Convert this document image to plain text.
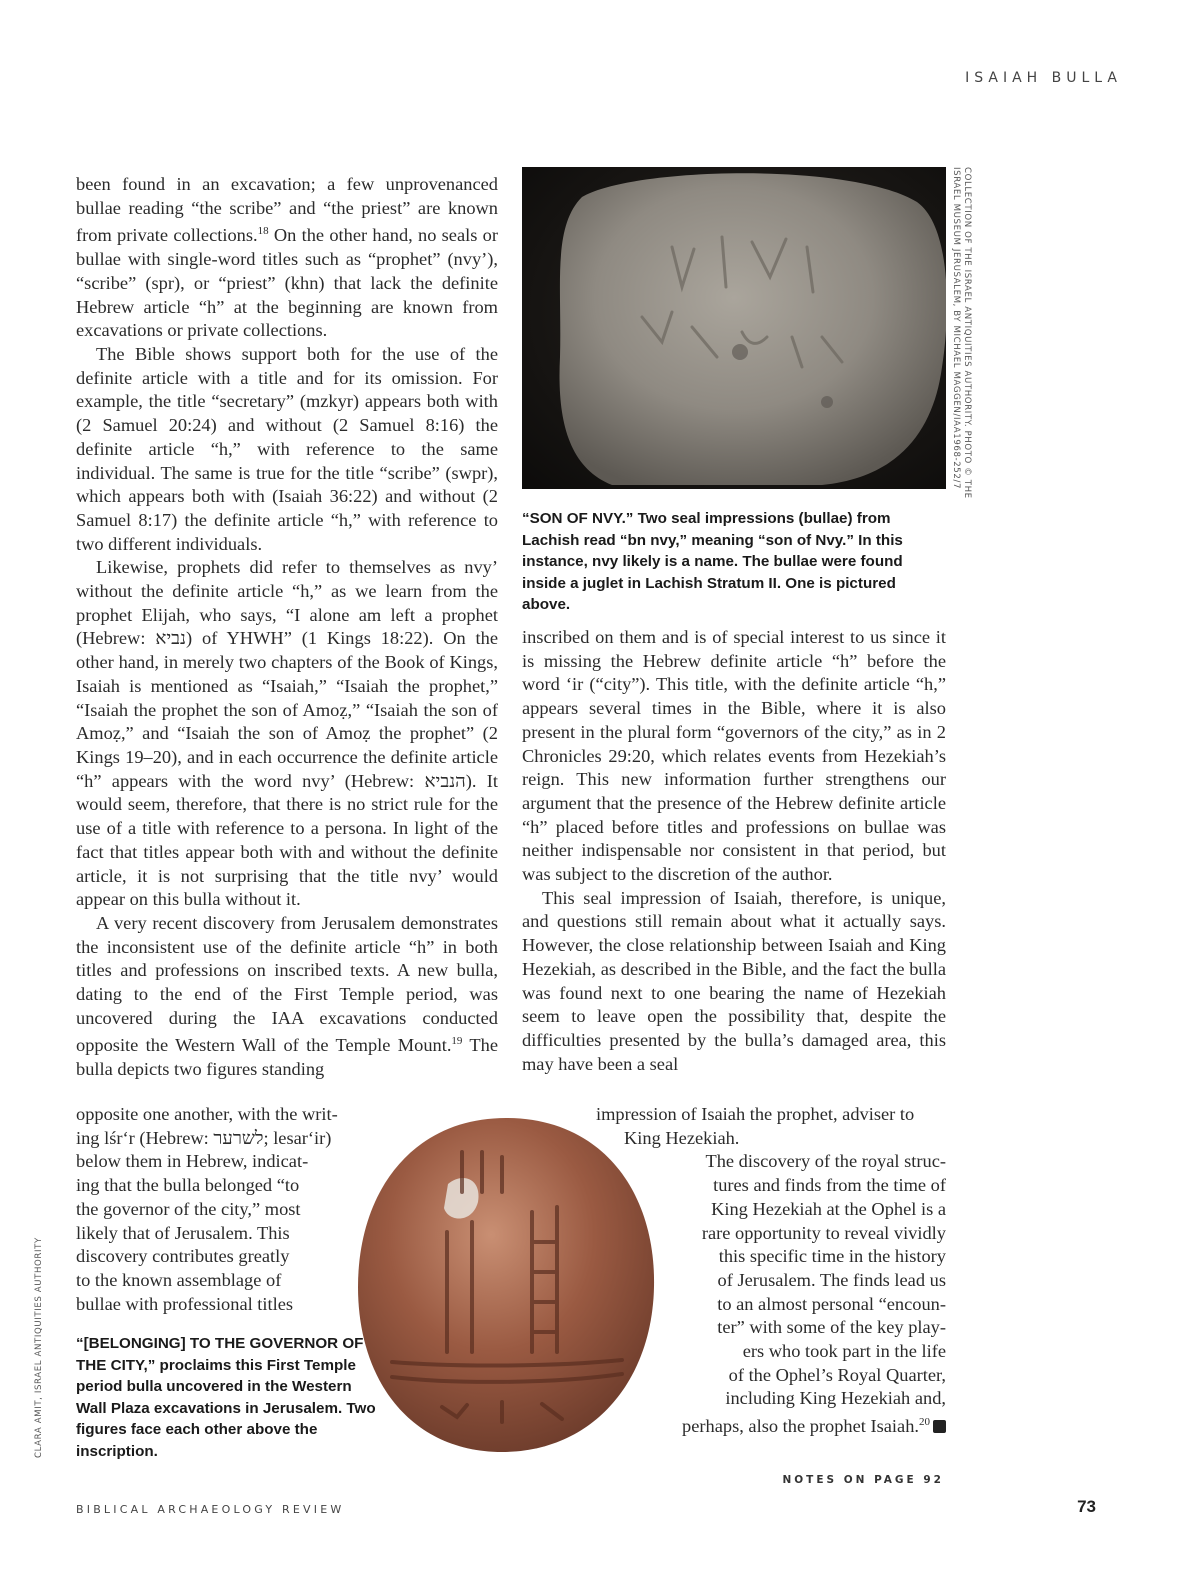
ISAIAH BULLA

been found in an excavation; a few unprovenanced bullae reading “the scribe” and “the priest” are known from private collections.$^{18}$ On the other hand, no seals or bullae with single-word titles such as “prophet” (nvy’), “scribe” (spr), or “priest” (khn) that lack the definite Hebrew article “h” at the beginning are known from excavations or private collections.

The Bible shows support both for the use of the definite article with a title and for its omission. For example, the title “secretary” (mzkyr) appears both with (2 Samuel 20:24) and without (2 Samuel 8:16) the definite article “h,” with reference to the same individual. The same is true for the title “scribe” (swpr), which appears both with (Isaiah 36:22) and without (2 Samuel 8:17) the definite article “h,” with reference to two different individuals.

Likewise, prophets did refer to themselves as nvy’ without the definite article “h,” as we learn from the prophet Elijah, who says, “I alone am left a prophet (Hebrew: נביא) of YHWH” (1 Kings 18:22). On the other hand, in merely two chapters of the Book of Kings, Isaiah is mentioned as “Isaiah,” “Isaiah the prophet,” “Isaiah the prophet the son of Amoẓ,” “Isaiah the son of Amoẓ,” and “Isaiah the son of Amoẓ the prophet” (2 Kings 19–20), and in each occurrence the definite article “h” appears with the word nvy’ (Hebrew: הנביא). It would seem, therefore, that there is no strict rule for the use of a title with reference to a persona. In light of the fact that titles appear both with and without the definite article, it is not surprising that the title nvy’ would appear on this bulla without it.

A very recent discovery from Jerusalem demonstrates the inconsistent use of the definite article “h” in both titles and professions on inscribed texts. A new bulla, dating to the end of the First Temple period, was uncovered during the IAA excavations conducted opposite the Western Wall of the Temple Mount.$^{19}$ The bulla depicts two figures standing

opposite one another, with the writ-
ing lśr‘r (Hebrew: לשרער; lesar‘ir)
below them in Hebrew, indicat-
ing that the bulla belonged “to
the governor of the city,” most
likely that of Jerusalem. This
discovery contributes greatly
to the known assemblage of
bullae with professional titles
COLLECTION OF THE ISRAEL ANTIQUITIES AUTHORITY. PHOTO © THE
ISRAEL MUSEUM JERUSALEM, BY MICHAEL MAGGEN/IAA1968-252/7
“SON OF NVY.” Two seal impressions (bullae) from Lachish read “bn nvy,” meaning “son of Nvy.” In this instance, nvy likely is a name. The bullae were found inside a juglet in Lachish Stratum II. One is pictured above.

inscribed on them and is of special interest to us since it is missing the Hebrew definite article “h” before the word ‘ir (“city”). This title, with the definite article “h,” appears several times in the Bible, where it is also present in the plural form “governors of the city,” as in 2 Chronicles 29:20, which relates events from Hezekiah’s reign. This new information further strengthens our argument that the presence of the Hebrew definite article “h” placed before titles and professions on bullae was neither indispensable nor consistent in that period, but was subject to the discretion of the author.

This seal impression of Isaiah, therefore, is unique, and questions still remain about what it actually says. However, the close relationship between Isaiah and King Hezekiah, as described in the Bible, and the fact the bulla was found next to one bearing the name of Hezekiah seem to leave open the possibility that, despite the difficulties presented by the bulla’s damaged area, this may have been a seal

impression of Isaiah the prophet, adviser to
King Hezekiah.
The discovery of the royal struc-
tures and finds from the time of
King Hezekiah at the Ophel is a
rare opportunity to reveal vividly
this specific time in the history
of Jerusalem. The finds lead us
to an almost personal “encoun-
ter” with some of the key play-
ers who took part in the life
of the Ophel’s Royal Quarter,
including King Hezekiah and,
perhaps, also the prophet Isaiah.$^{20}$
“[BELONGING] TO THE GOVERNOR OF THE CITY,” proclaims this First Temple period bulla uncovered in the Western Wall Plaza excavations in Jerusalem. Two figures face each other above the inscription.
CLARA AMIT, ISRAEL ANTIQUITIES AUTHORITY
NOTES ON PAGE 92
BIBLICAL ARCHAEOLOGY REVIEW	73
